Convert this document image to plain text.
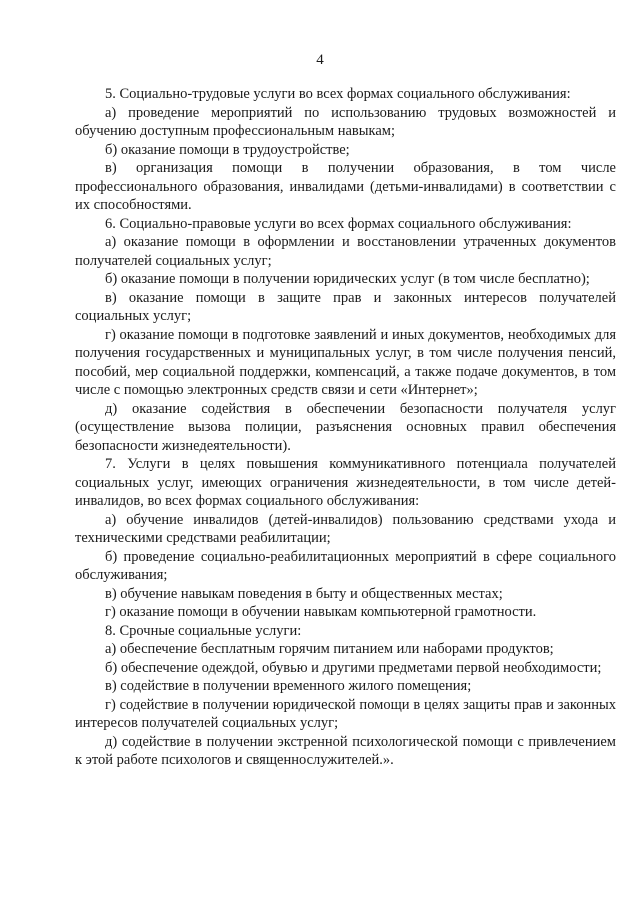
4

5. Социально-трудовые услуги во всех формах социального обслуживания:

а) проведение мероприятий по использованию трудовых возможностей и обучению доступным профессиональным навыкам;

б) оказание помощи в трудоустройстве;

в) организация помощи в получении образования, в том числе профессионального образования, инвалидами (детьми-инвалидами) в соответствии с их способностями.

6. Социально-правовые услуги во всех формах социального обслуживания:

а) оказание помощи в оформлении и восстановлении утраченных документов получателей социальных услуг;

б) оказание помощи в получении юридических услуг (в том числе бесплатно);

в) оказание помощи в защите прав и законных интересов получателей социальных услуг;

г) оказание помощи в подготовке заявлений и иных документов, необходимых для получения государственных и муниципальных услуг, в том числе получения пенсий, пособий, мер социальной поддержки, компенсаций, а также подаче документов, в том числе с помощью электронных средств связи и сети «Интернет»;

д) оказание содействия в обеспечении безопасности получателя услуг (осуществление вызова полиции, разъяснения основных правил обеспечения безопасности жизнедеятельности).

7. Услуги в целях повышения коммуникативного потенциала получателей социальных услуг, имеющих ограничения жизнедеятельности, в том числе детей-инвалидов, во всех формах социального обслуживания:

а) обучение инвалидов (детей-инвалидов) пользованию средствами ухода и техническими средствами реабилитации;

б) проведение социально-реабилитационных мероприятий в сфере социального обслуживания;

в) обучение навыкам поведения в быту и общественных местах;

г) оказание помощи в обучении навыкам компьютерной грамотности.

8. Срочные социальные услуги:

а) обеспечение бесплатным горячим питанием или наборами продуктов;

б) обеспечение одеждой, обувью и другими предметами первой необходимости;

в) содействие в получении временного жилого помещения;

г) содействие в получении юридической помощи в целях защиты прав и законных интересов получателей социальных услуг;

д) содействие в получении экстренной психологической помощи с привлечением к этой работе психологов и священнослужителей.».
